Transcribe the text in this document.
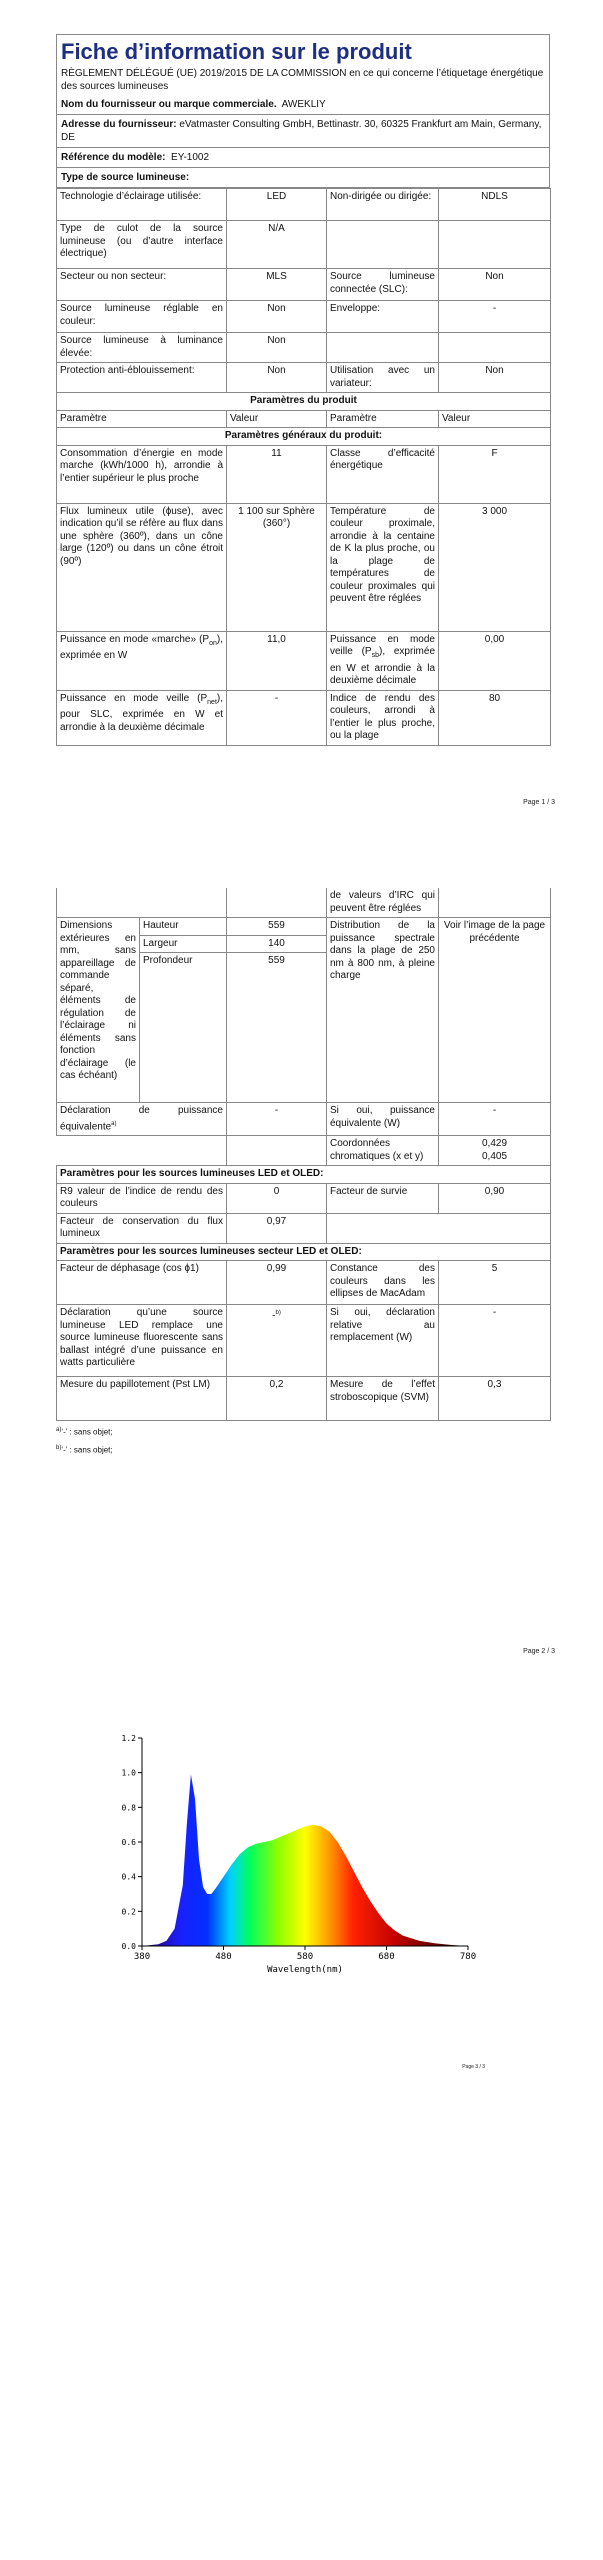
Fiche d’information sur le produit
RÈGLEMENT DÉLÉGUÉ (UE) 2019/2015 DE LA COMMISSION en ce qui concerne l’étiquetage énergétique des sources lumineuses
Nom du fournisseur ou marque commerciale. AWEKLIY
Adresse du fournisseur: eVatmaster Consulting GmbH, Bettinastr. 30, 60325 Frankfurt am Main, Germany, DE
Référence du modèle: EY-1002
Type de source lumineuse:
Technologie d’éclairage utilisée:	LED	Non-dirigée ou dirigée:	NDLS
Type de culot de la source lumineuse (ou d’autre interface électrique)	N/A		
Secteur ou non secteur:	MLS	Source lumineuse connectée (SLC):	Non
Source lumineuse réglable en couleur:	Non	Enveloppe:	-
Source lumineuse à luminance élevée:	Non		
Protection anti-éblouissement:	Non	Utilisation avec un variateur:	Non
Paramètres du produit			
Paramètre	Valeur	Paramètre	Valeur
Paramètres généraux du produit:			
Consommation d’énergie en mode marche (kWh/1000 h), arrondie à l’entier supérieur le plus proche	11	Classe d’efficacité énergétique	F
Flux lumineux utile (ɸuse), avec indication qu’il se réfère au flux dans une sphère (360º), dans un cône large (120º) ou dans un cône étroit (90º)	1 100 sur Sphère (360°)	Température de couleur proximale, arrondie à la centaine de K la plus proche, ou la plage de températures de couleur proximales qui peuvent être réglées	3 000
Puissance en mode «marche» $(P_{on})$, exprimée en W	11,0	Puissance en mode veille $(P_{sb})$, exprimée en W et arrondie à la deuxième décimale	0,00
Puissance en mode veille $(P_{net})$, pour SLC, exprimée en W et arrondie à la deuxième décimale	-	Indice de rendu des couleurs, arrondi à l’entier le plus proche, ou la plage	80
Page 1 / 3
			de valeurs d’IRC qui peuvent être réglées	
Dimensions extérieures en mm, sans appareillage de commande séparé, éléments de régulation de l’éclairage ni éléments sans fonction d’éclairage (le cas échéant)	Hauteur	559	Distribution de la puissance spectrale dans la plage de 250 nm à 800 nm, à pleine charge	Voir l’image de la page précédente
	Largeur	140		
	Profondeur	559		
Déclaration de puissance équivalente$^{a)}$		-	Si oui, puissance équivalente (W)	-
			Coordonnées chromatiques (x et y)	0,429
0,405
Paramètres pour les sources lumineuses LED et OLED:				
R9 valeur de l’indice de rendu des couleurs		0	Facteur de survie	0,90
Facteur de conservation du flux lumineux		0,97		
Paramètres pour les sources lumineuses secteur LED et OLED:				
Facteur de déphasage (cos ɸ1)		0,99	Constance des couleurs dans les ellipses de MacAdam	5
Déclaration qu’une source lumineuse LED remplace une source lumineuse fluorescente sans ballast intégré d’une puissance en watts particulière		-$^{b)}$	Si oui, déclaration relative au remplacement (W)	-
Mesure du papillotement (Pst LM)		0,2	Mesure de l’effet stroboscopique (SVM)	0,3
$^{a)}$‘-’ : sans objet;
$^{b)}$‘-’ : sans objet;
Page 2 / 3
380	480	580	680	780
0.0
0.2
0.4
0.6
0.8
1.0
1.2
Wavelength(nm)
Page 3 / 3
